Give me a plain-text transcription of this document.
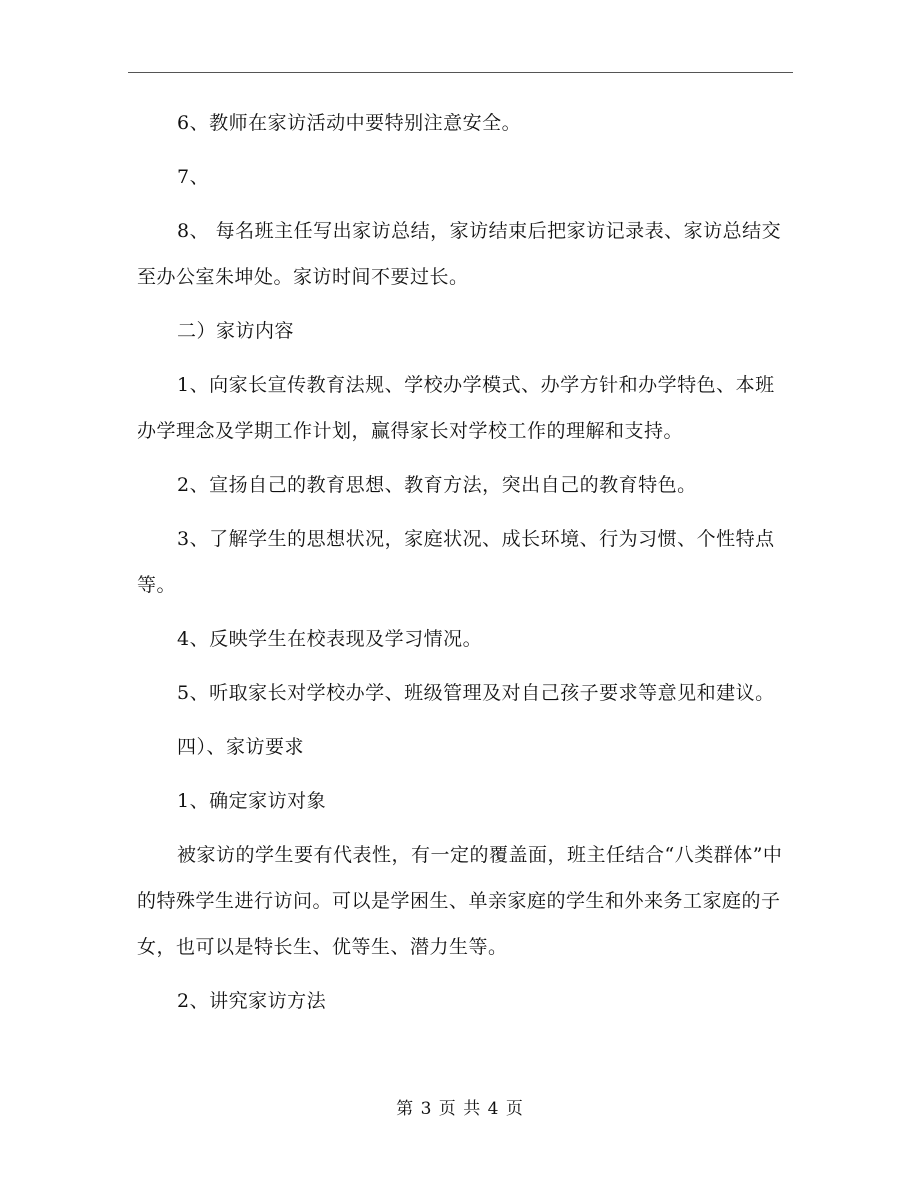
6、教师在家访活动中要特别注意安全。

7、

8、 每名班主任写出家访总结，家访结束后把家访记录表、家访总结交至办公室朱坤处。家访时间不要过长。

二）家访内容

1、向家长宣传教育法规、学校办学模式、办学方针和办学特色、本班办学理念及学期工作计划，赢得家长对学校工作的理解和支持。

2、宣扬自己的教育思想、教育方法，突出自己的教育特色。

3、了解学生的思想状况，家庭状况、成长环境、行为习惯、个性特点等。

4、反映学生在校表现及学习情况。

5、听取家长对学校办学、班级管理及对自己孩子要求等意见和建议。

四）、家访要求

1、确定家访对象

被家访的学生要有代表性，有一定的覆盖面，班主任结合“八类群体”中的特殊学生进行访问。可以是学困生、单亲家庭的学生和外来务工家庭的子女，也可以是特长生、优等生、潜力生等。

2、讲究家访方法

第 3 页 共 4 页
